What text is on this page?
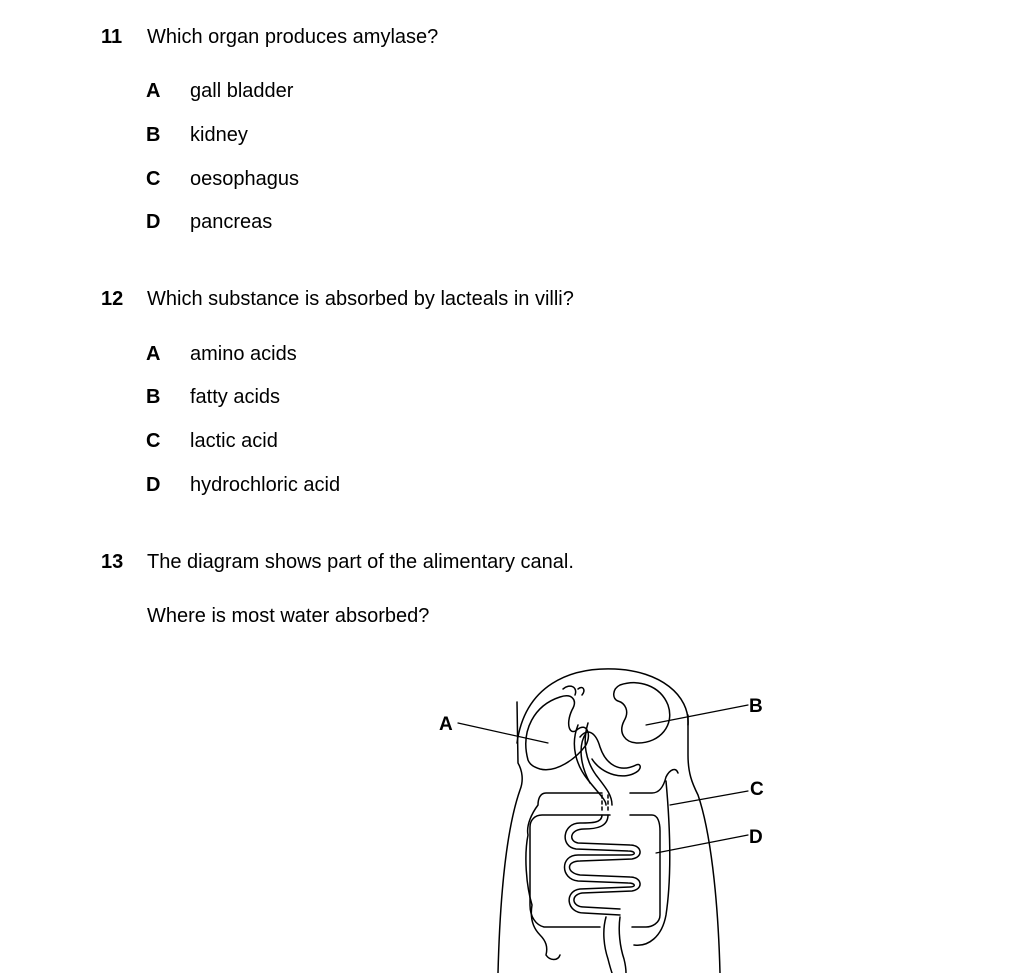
11 Which organ produces amylase?
A gall bladder
B kidney
C oesophagus
D pancreas
12 Which substance is absorbed by lacteals in villi?
A amino acids
B fatty acids
C lactic acid
D hydrochloric acid
13 The diagram shows part of the alimentary canal.
Where is most water absorbed?
A
B
C
D
